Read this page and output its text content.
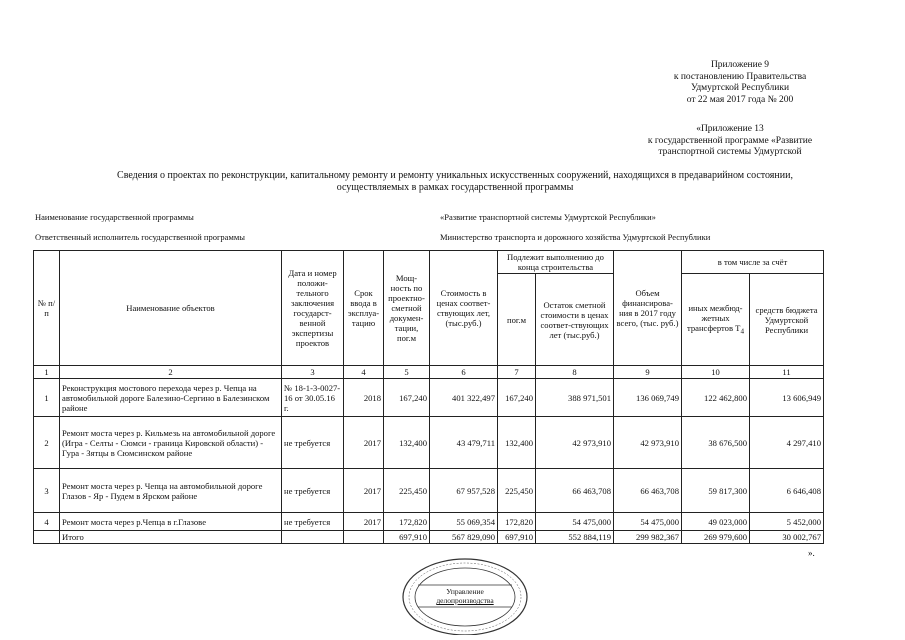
Приложение 9
к постановлению Правительства
Удмуртской Республики
от 22 мая 2017 года № 200
«Приложение 13
к государственной программе «Развитие
транспортной системы Удмуртской
Сведения о проектах по реконструкции, капитальному ремонту и ремонту уникальных искусственных сооружений, находящихся в предаварийном состоянии,
осуществляемых в рамках государственной программы
Наименование государственной программы	«Развитие транспортной системы Удмуртской Республики»
Ответственный исполнитель государственной программы	Министерство транспорта и дорожного хозяйства Удмуртской Республики
№ п/п	Наименование объектов	Дата и номер положи-тельного заключения государст-венной экспертизы проектов	Срок ввода в эксплуа-тацию	Мощ-ность по проектно-сметной докумен-тации, пог.м	Стоимость в ценах соответ-ствующих лет, (тыс.руб.)	Подлежит выполнению до конца строительства		Объем финансирова-ния в 2017 году всего, (тыс. руб.)	в том числе за счёт	
						пог.м	Остаток сметной стоимости в ценах соответ-ствующих лет (тыс.руб.)		иных межбюд-жетных трансфертов $Т_4$	средств бюджета Удмуртской Республики
1	2	3	4	5	6	7	8	9	10	11
1	Реконструкция мостового перехода через р. Чепца на автомобильной дороге Балезино-Сергино в Балезинском районе	№ 18-1-3-0027-16 от 30.05.16 г.	2018	167,240	401 322,497	167,240	388 971,501	136 069,749	122 462,800	13 606,949
2	Ремонт моста через р. Кильмезь на автомобильной дороге (Игра - Селты - Сюмси - граница Кировской области) - Гура - Зятцы в Сюмсинском районе	не требуется	2017	132,400	43 479,711	132,400	42 973,910	42 973,910	38 676,500	4 297,410
3	Ремонт моста через р. Чепца на автомобильной дороге Глазов - Яр - Пудем в Ярском районе	не требуется	2017	225,450	67 957,528	225,450	66 463,708	66 463,708	59 817,300	6 646,408
4	Ремонт моста через р.Чепца в г.Глазове	не требуется	2017	172,820	55 069,354	172,820	54 475,000	54 475,000	49 023,000	5 452,000
	Итого			697,910	567 829,090	697,910	552 884,119	299 982,367	269 979,600	30 002,767
».
Управление
делопроизводства
